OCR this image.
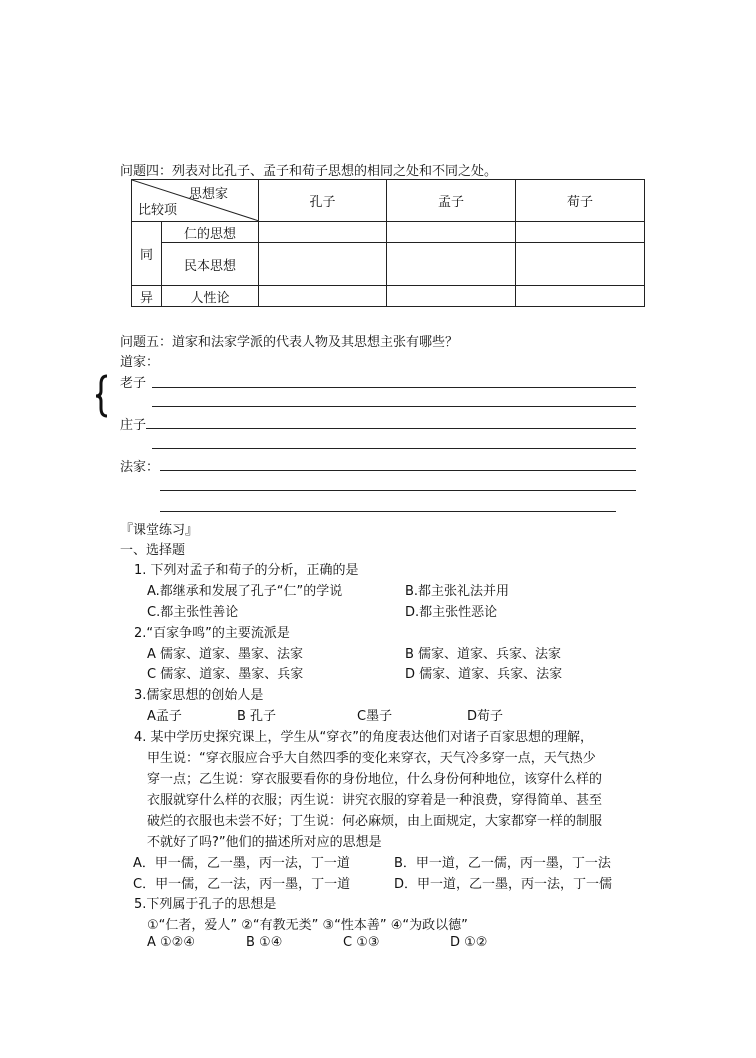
问题四：列表对比孔子、孟子和荀子思想的相同之处和不同之处。
思想家
比较项		孔子	孟子	荀子
同	仁的思想			
	民本思想			
异	人性论			
问题五：道家和法家学派的代表人物及其思想主张有哪些？
道家：
老子
庄子
法家：
『课堂练习』
一、选择题
1. 下列对孟子和荀子的分析，正确的是
A.都继承和发展了孔子“仁”的学说	B.都主张礼法并用
C.都主张性善论	D.都主张性恶论
2.“百家争鸣”的主要流派是
A 儒家、道家、墨家、法家	B 儒家、道家、兵家、法家
C 儒家、道家、墨家、兵家	D 儒家、道家、兵家、法家
3.儒家思想的创始人是
A孟子	B 孔子	C墨子	D荀子
4. 某中学历史探究课上，学生从“穿衣”的角度表达他们对诸子百家思想的理解，
甲生说：“穿衣服应合乎大自然四季的变化来穿衣，天气冷多穿一点，天气热少
穿一点；乙生说：穿衣服要看你的身份地位，什么身份何种地位，该穿什么样的
衣服就穿什么样的衣服；丙生说：讲究衣服的穿着是一种浪费，穿得简单、甚至
破烂的衣服也未尝不好；丁生说：何必麻烦，由上面规定，大家都穿一样的制服
不就好了吗?”他们的描述所对应的思想是
A．甲一儒，乙一墨，丙一法，丁一道	B．甲一道，乙一儒，丙一墨，丁一法
C．甲一儒，乙一法，丙一墨，丁一道	D．甲一道，乙一墨，丙一法，丁一儒
5.下列属于孔子的思想是
①“仁者，爱人” ②“有教无类” ③“性本善” ④“为政以德”
A ①②④	B ①④	C ①③	D ①②
